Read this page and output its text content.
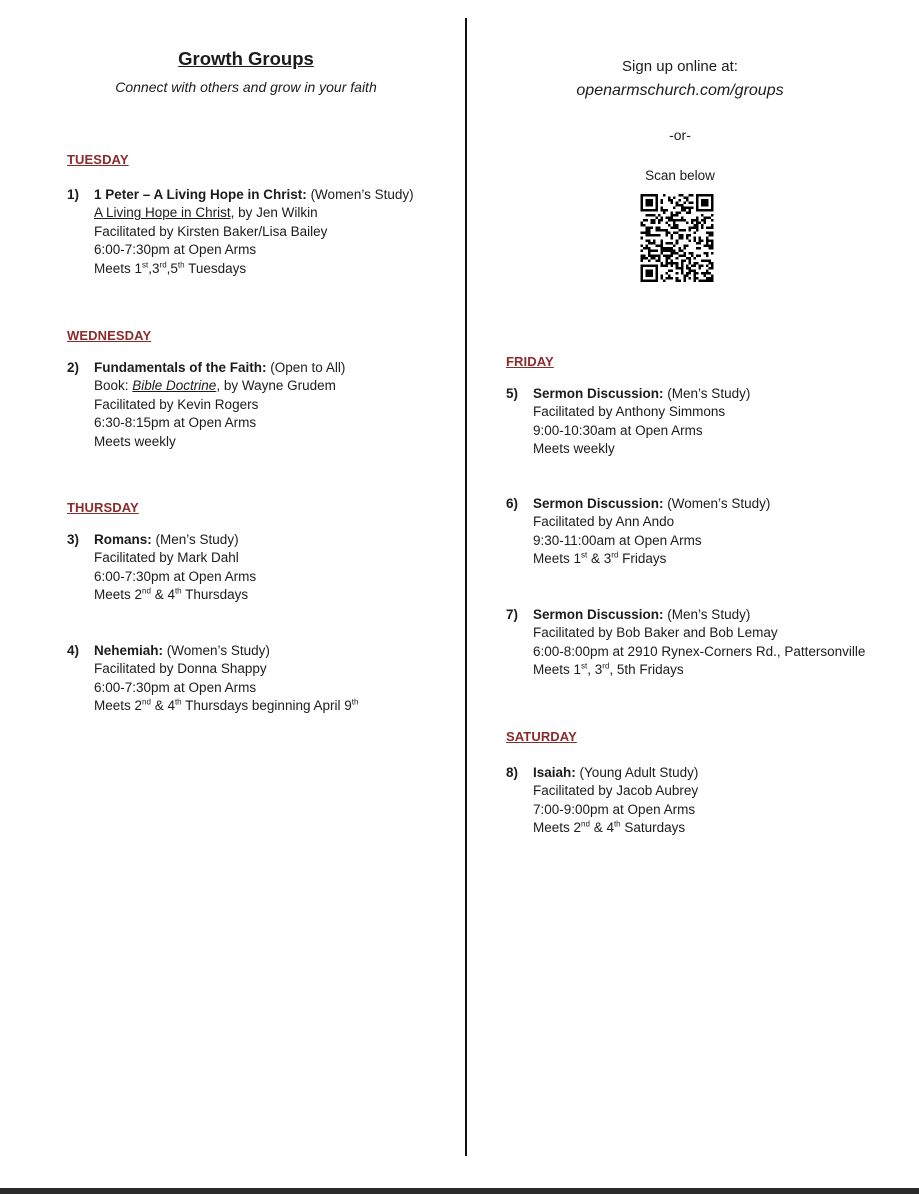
Growth Groups
Connect with others and grow in your faith
Sign up online at:
openarmschurch.com/groups
-or-
Scan below
TUESDAY
WEDNESDAY
THURSDAY
FRIDAY
SATURDAY
1) 1 Peter – A Living Hope in Christ: (Women’s Study)
A Living Hope in Christ, by Jen Wilkin
Facilitated by Kirsten Baker/Lisa Bailey
6:00-7:30pm at Open Arms
Meets 1st,3rd,5th Tuesdays
2) Fundamentals of the Faith: (Open to All)
Book: Bible Doctrine, by Wayne Grudem
Facilitated by Kevin Rogers
6:30-8:15pm at Open Arms
Meets weekly
3) Romans: (Men’s Study)
Facilitated by Mark Dahl
6:00-7:30pm at Open Arms
Meets 2nd & 4th Thursdays
4) Nehemiah: (Women’s Study)
Facilitated by Donna Shappy
6:00-7:30pm at Open Arms
Meets 2nd & 4th Thursdays beginning April 9th
5) Sermon Discussion: (Men’s Study)
Facilitated by Anthony Simmons
9:00-10:30am at Open Arms
Meets weekly
6) Sermon Discussion: (Women’s Study)
Facilitated by Ann Ando
9:30-11:00am at Open Arms
Meets 1st & 3rd Fridays
7) Sermon Discussion: (Men’s Study)
Facilitated by Bob Baker and Bob Lemay
6:00-8:00pm at 2910 Rynex-Corners Rd., Pattersonville
Meets 1st, 3rd, 5th Fridays
8) Isaiah: (Young Adult Study)
Facilitated by Jacob Aubrey
7:00-9:00pm at Open Arms
Meets 2nd & 4th Saturdays
